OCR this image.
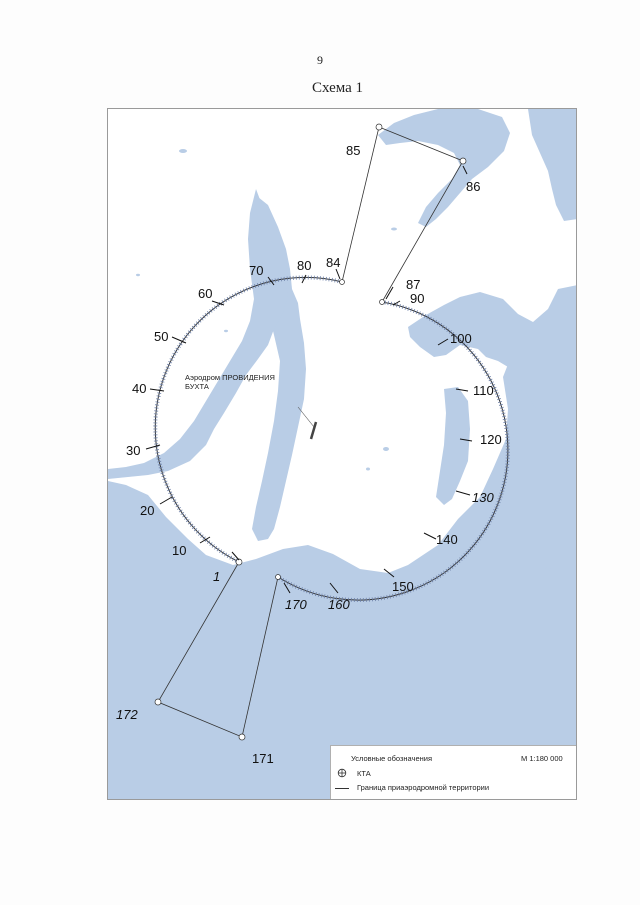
9
Схема 1
1
10
20
30
40
50
60
70	80 84
85
86
87
90
100
110
120
130
140
150
160
170
171
172
Аэродром ПРОВИДЕНИЯ
БУХТА
Условные обозначения	М 1:180 000
КТА
Граница приаэродромной территории
